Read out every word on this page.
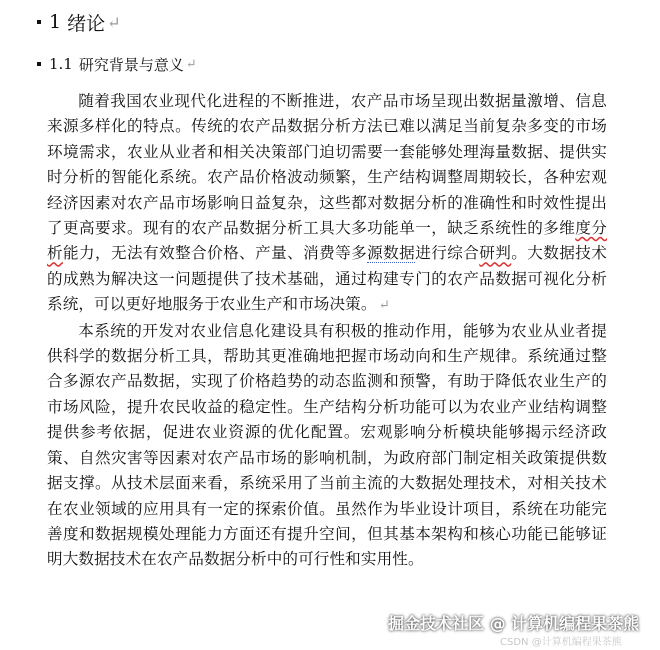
1 绪论 ↵
1.1 研究背景与意义 ↵

随着我国农业现代化进程的不断推进，农产品市场呈现出数据量激增、信息来源多样化的特点。传统的农产品数据分析方法已难以满足当前复杂多变的市场环境需求，农业从业者和相关决策部门迫切需要一套能够处理海量数据、提供实时分析的智能化系统。农产品价格波动频繁，生产结构调整周期较长，各种宏观经济因素对农产品市场影响日益复杂，这些都对数据分析的准确性和时效性提出了更高要求。现有的农产品数据分析工具大多功能单一，缺乏系统性的多维度分析能力，无法有效整合价格、产量、消费等多源数据进行综合研判。大数据技术的成熟为解决这一问题提供了技术基础，通过构建专门的农产品数据可视化分析系统，可以更好地服务于农业生产和市场决策。 ↵

本系统的开发对农业信息化建设具有积极的推动作用，能够为农业从业者提供科学的数据分析工具，帮助其更准确地把握市场动向和生产规律。系统通过整合多源农产品数据，实现了价格趋势的动态监测和预警，有助于降低农业生产的市场风险，提升农民收益的稳定性。生产结构分析功能可以为农业产业结构调整提供参考依据，促进农业资源的优化配置。宏观影响分析模块能够揭示经济政策、自然灾害等因素对农产品市场的影响机制，为政府部门制定相关政策提供数据支撑。从技术层面来看，系统采用了当前主流的大数据处理技术，对相关技术在农业领域的应用具有一定的探索价值。虽然作为毕业设计项目，系统在功能完善度和数据规模处理能力方面还有提升空间，但其基本架构和核心功能已能够证明大数据技术在农产品数据分析中的可行性和实用性。

掘金技术社区 @ 计算机编程果茶熊
CSDN @计算机编程果茶熊
